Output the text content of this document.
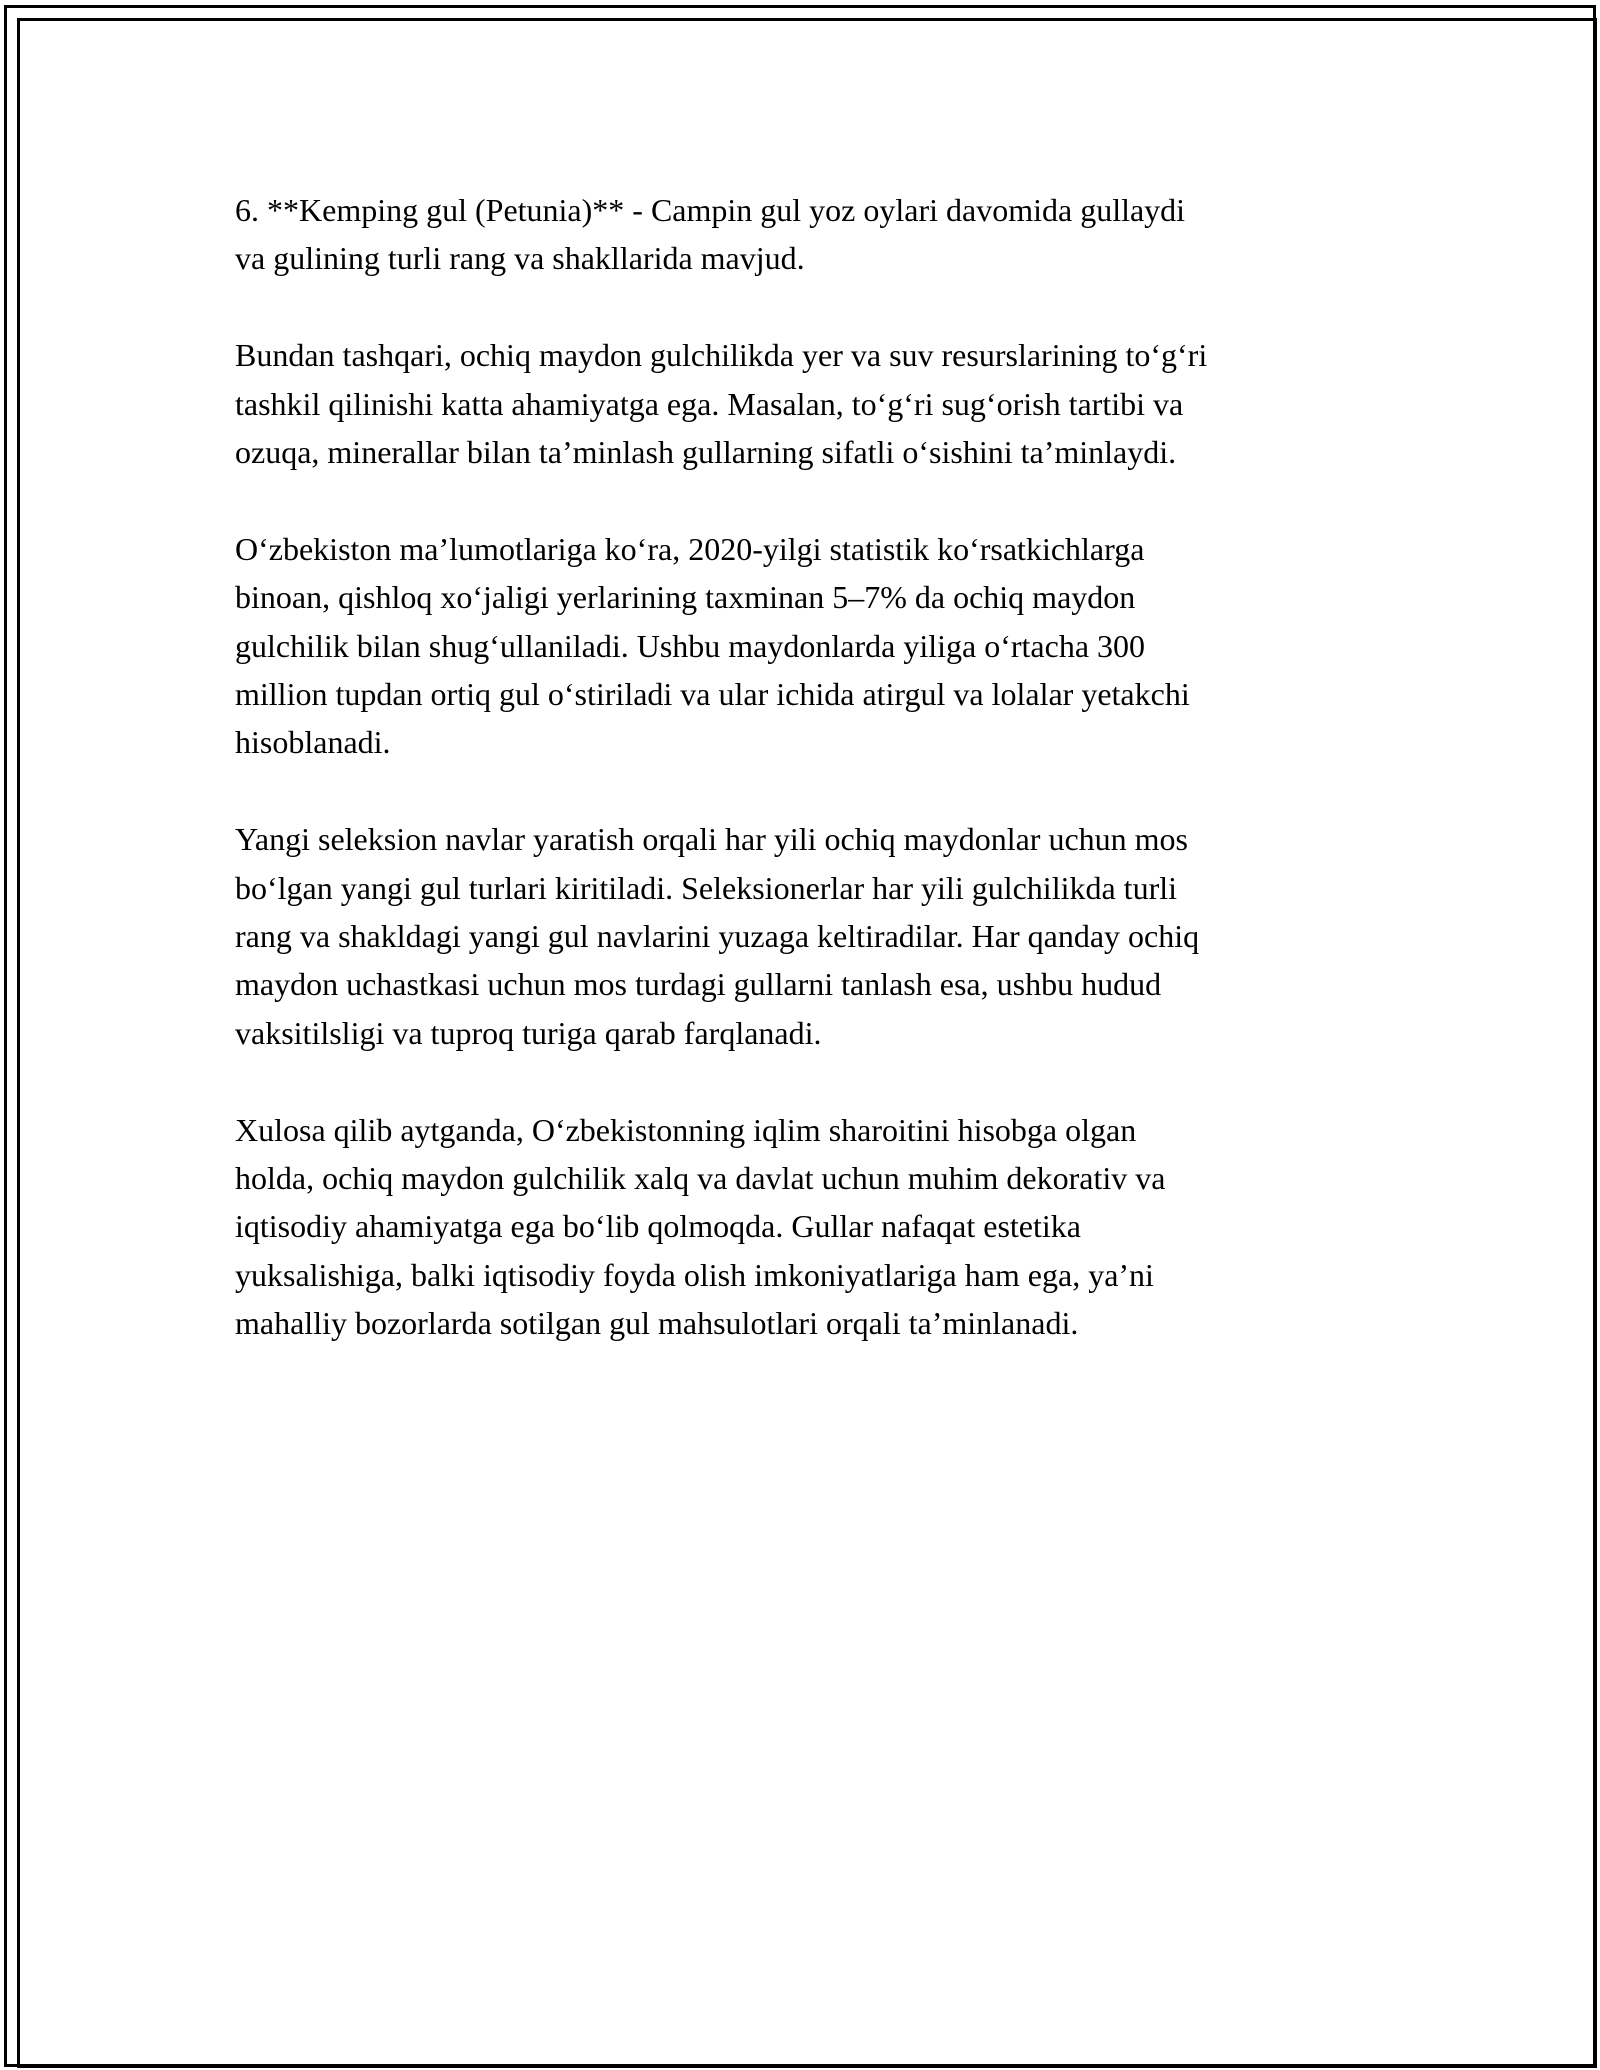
6. **Kemping gul (Petunia)** - Campin gul yoz oylari davomida gullaydi
va gulining turli rang va shakllarida mavjud.

Bundan tashqari, ochiq maydon gulchilikda yer va suv resurslarining to‘g‘ri
tashkil qilinishi katta ahamiyatga ega. Masalan, to‘g‘ri sug‘orish tartibi va
ozuqa, minerallar bilan ta’minlash gullarning sifatli o‘sishini ta’minlaydi.

O‘zbekiston ma’lumotlariga ko‘ra, 2020-yilgi statistik ko‘rsatkichlarga
binoan, qishloq xo‘jaligi yerlarining taxminan 5–7% da ochiq maydon
gulchilik bilan shug‘ullaniladi. Ushbu maydonlarda yiliga o‘rtacha 300
million tupdan ortiq gul o‘stiriladi va ular ichida atirgul va lolalar yetakchi
hisoblanadi.

Yangi seleksion navlar yaratish orqali har yili ochiq maydonlar uchun mos
bo‘lgan yangi gul turlari kiritiladi. Seleksionerlar har yili gulchilikda turli
rang va shakldagi yangi gul navlarini yuzaga keltiradilar. Har qanday ochiq
maydon uchastkasi uchun mos turdagi gullarni tanlash esa, ushbu hudud
vaksitilsligi va tuproq turiga qarab farqlanadi.

Xulosa qilib aytganda, O‘zbekistonning iqlim sharoitini hisobga olgan
holda, ochiq maydon gulchilik xalq va davlat uchun muhim dekorativ va
iqtisodiy ahamiyatga ega bo‘lib qolmoqda. Gullar nafaqat estetika
yuksalishiga, balki iqtisodiy foyda olish imkoniyatlariga ham ega, ya’ni
mahalliy bozorlarda sotilgan gul mahsulotlari orqali ta’minlanadi.
